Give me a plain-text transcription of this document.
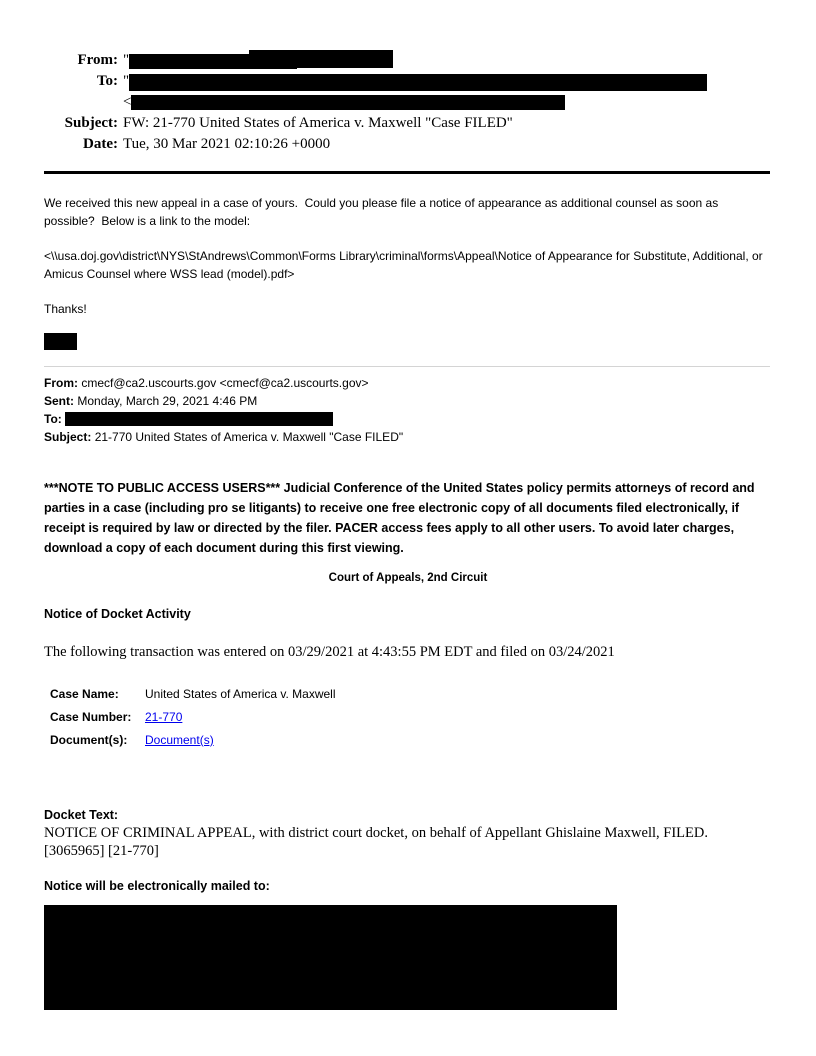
From: "
To: "
<
Subject: FW: 21-770 United States of America v. Maxwell "Case FILED"
Date: Tue, 30 Mar 2021 02:10:26 +0000
We received this new appeal in a case of yours.  Could you please file a notice of appearance as additional counsel as soon as possible?  Below is a link to the model:
<\\usa.doj.gov\district\NYS\StAndrews\Common\Forms Library\criminal\forms\Appeal\Notice of Appearance for Substitute, Additional, or Amicus Counsel where WSS lead (model).pdf>
Thanks!
From: cmecf@ca2.uscourts.gov <cmecf@ca2.uscourts.gov>
Sent: Monday, March 29, 2021 4:46 PM
To:
Subject: 21-770 United States of America v. Maxwell "Case FILED"
***NOTE TO PUBLIC ACCESS USERS*** Judicial Conference of the United States policy permits attorneys of record and parties in a case (including pro se litigants) to receive one free electronic copy of all documents filed electronically, if receipt is required by law or directed by the filer. PACER access fees apply to all other users. To avoid later charges, download a copy of each document during this first viewing.
Court of Appeals, 2nd Circuit
Notice of Docket Activity
The following transaction was entered on 03/29/2021 at 4:43:55 PM EDT and filed on 03/24/2021
Case Name:	United States of America v. Maxwell
Case Number:	21-770
Document(s):	Document(s)
Docket Text:
NOTICE OF CRIMINAL APPEAL, with district court docket, on behalf of Appellant Ghislaine Maxwell, FILED. [3065965] [21-770]
Notice will be electronically mailed to:
